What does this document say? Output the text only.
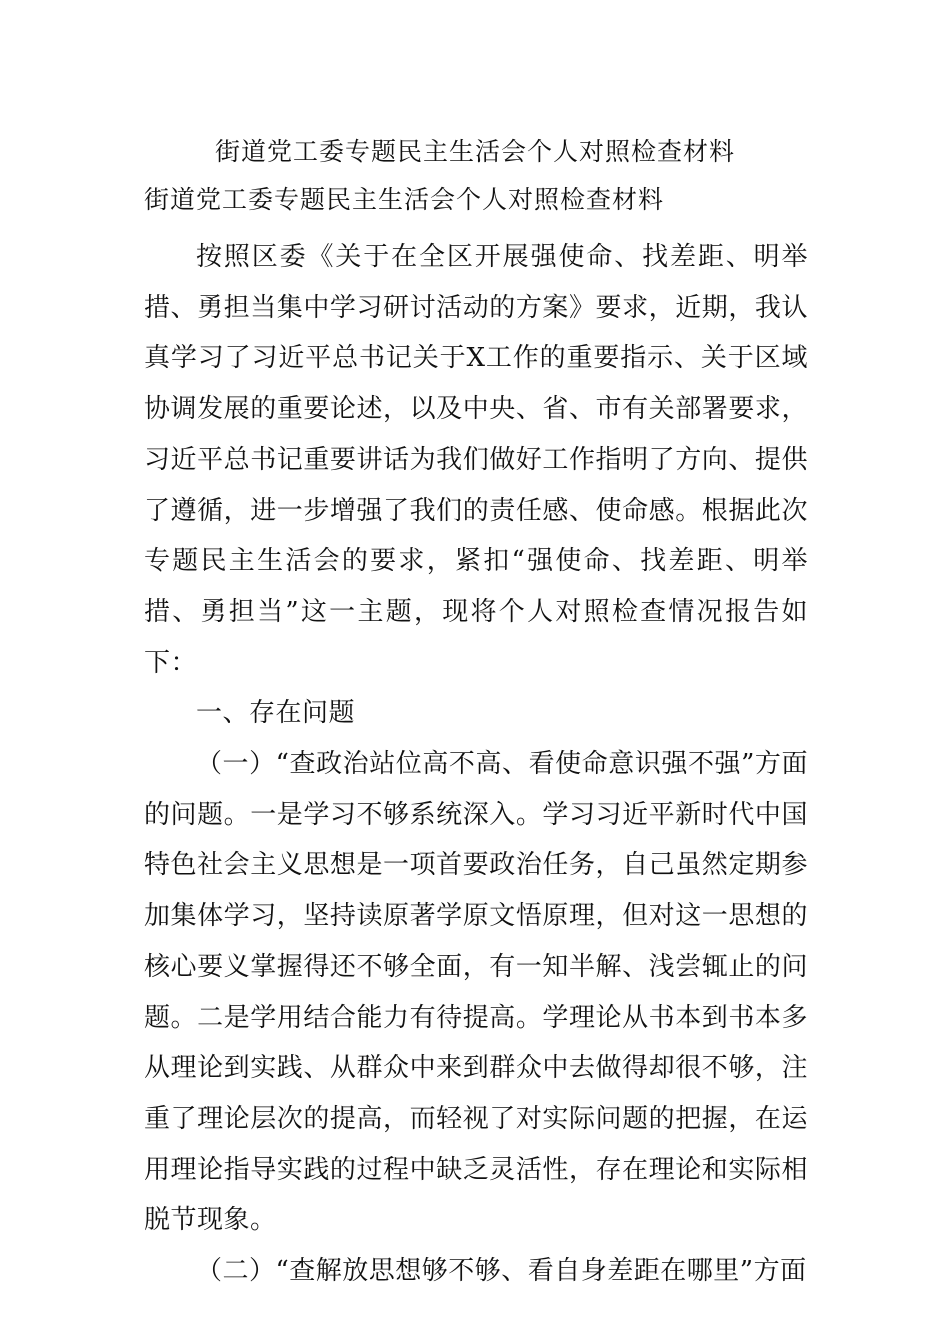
街道党工委专题民主生活会个人对照检查材料
街道党工委专题民主生活会个人对照检查材料

按照区委《关于在全区开展强使命、找差距、明举措、勇担当集中学习研讨活动的方案》要求，近期，我认真学习了习近平总书记关于X工作的重要指示、关于区域协调发展的重要论述，以及中央、省、市有关部署要求，习近平总书记重要讲话为我们做好工作指明了方向、提供了遵循，进一步增强了我们的责任感、使命感。根据此次专题民主生活会的要求，紧扣“强使命、找差距、明举措、勇担当”这一主题，现将个人对照检查情况报告如下：

一、存在问题

（一）“查政治站位高不高、看使命意识强不强”方面的问题。一是学习不够系统深入。学习习近平新时代中国特色社会主义思想是一项首要政治任务，自己虽然定期参加集体学习，坚持读原著学原文悟原理，但对这一思想的核心要义掌握得还不够全面，有一知半解、浅尝辄止的问题。二是学用结合能力有待提高。学理论从书本到书本多从理论到实践、从群众中来到群众中去做得却很不够，注重了理论层次的提高，而轻视了对实际问题的把握，在运用理论指导实践的过程中缺乏灵活性，存在理论和实际相脱节现象。

（二）“查解放思想够不够、看自身差距在哪里”方面
